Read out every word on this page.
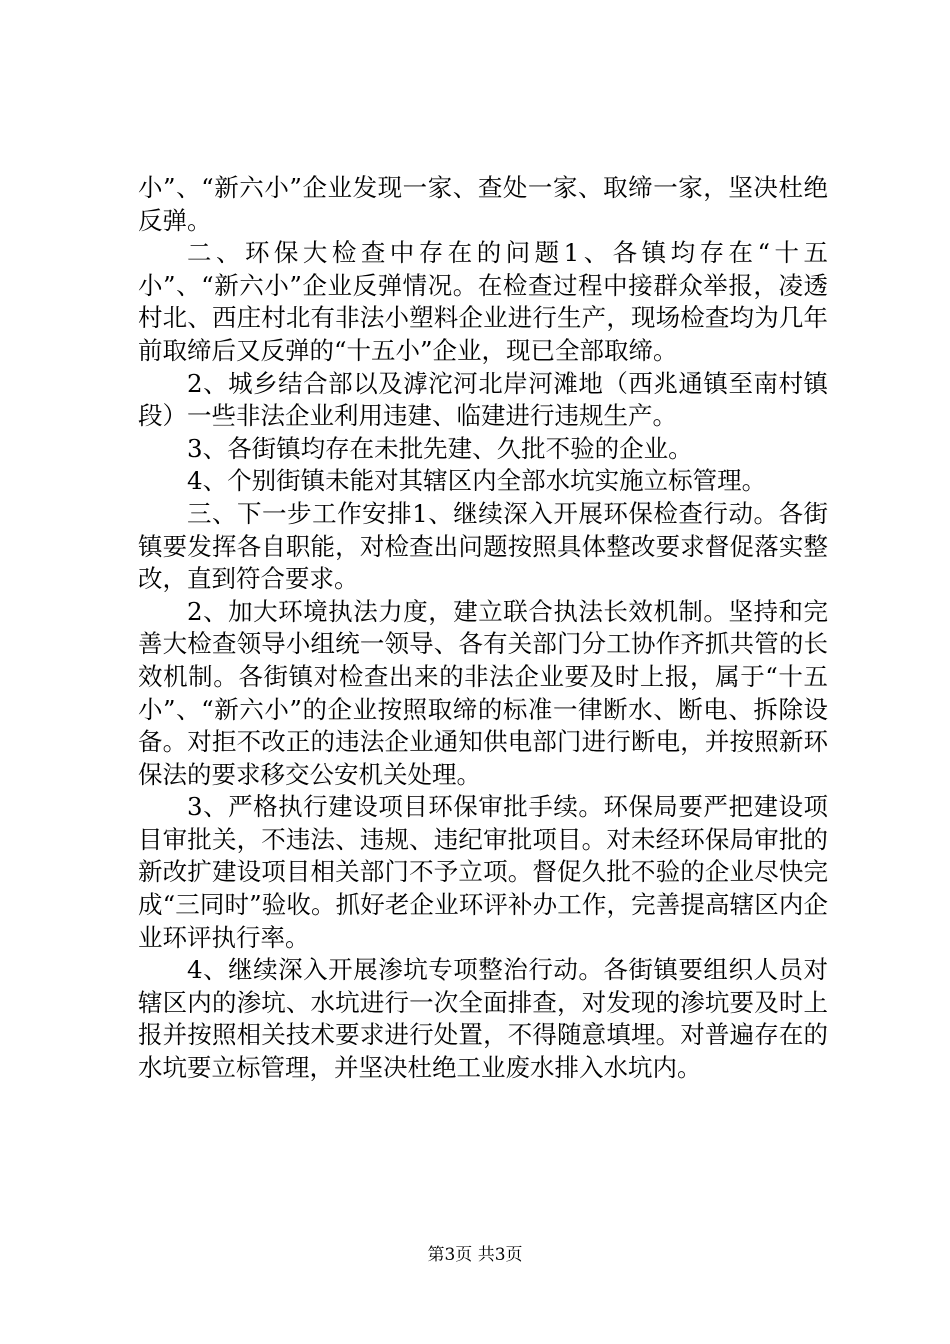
小”、“新六小”企业发现一家、查处一家、取缔一家，坚决杜绝反弹。

二、环保大检查中存在的问题1、各镇均存在“十五小”、“新六小”企业反弹情况。在检查过程中接群众举报，凌透村北、西庄村北有非法小塑料企业进行生产，现场检查均为几年前取缔后又反弹的“十五小”企业，现已全部取缔。

2、城乡结合部以及滹沱河北岸河滩地（西兆通镇至南村镇段）一些非法企业利用违建、临建进行违规生产。

3、各街镇均存在未批先建、久批不验的企业。

4、个别街镇未能对其辖区内全部水坑实施立标管理。

三、下一步工作安排1、继续深入开展环保检查行动。各街镇要发挥各自职能，对检查出问题按照具体整改要求督促落实整改，直到符合要求。

2、加大环境执法力度，建立联合执法长效机制。坚持和完善大检查领导小组统一领导、各有关部门分工协作齐抓共管的长效机制。各街镇对检查出来的非法企业要及时上报，属于“十五小”、“新六小”的企业按照取缔的标准一律断水、断电、拆除设备。对拒不改正的违法企业通知供电部门进行断电，并按照新环保法的要求移交公安机关处理。

3、严格执行建设项目环保审批手续。环保局要严把建设项目审批关，不违法、违规、违纪审批项目。对未经环保局审批的新改扩建设项目相关部门不予立项。督促久批不验的企业尽快完成“三同时”验收。抓好老企业环评补办工作，完善提高辖区内企业环评执行率。

4、继续深入开展渗坑专项整治行动。各街镇要组织人员对辖区内的渗坑、水坑进行一次全面排查，对发现的渗坑要及时上报并按照相关技术要求进行处置，不得随意填埋。对普遍存在的水坑要立标管理，并坚决杜绝工业废水排入水坑内。

第3页 共3页
